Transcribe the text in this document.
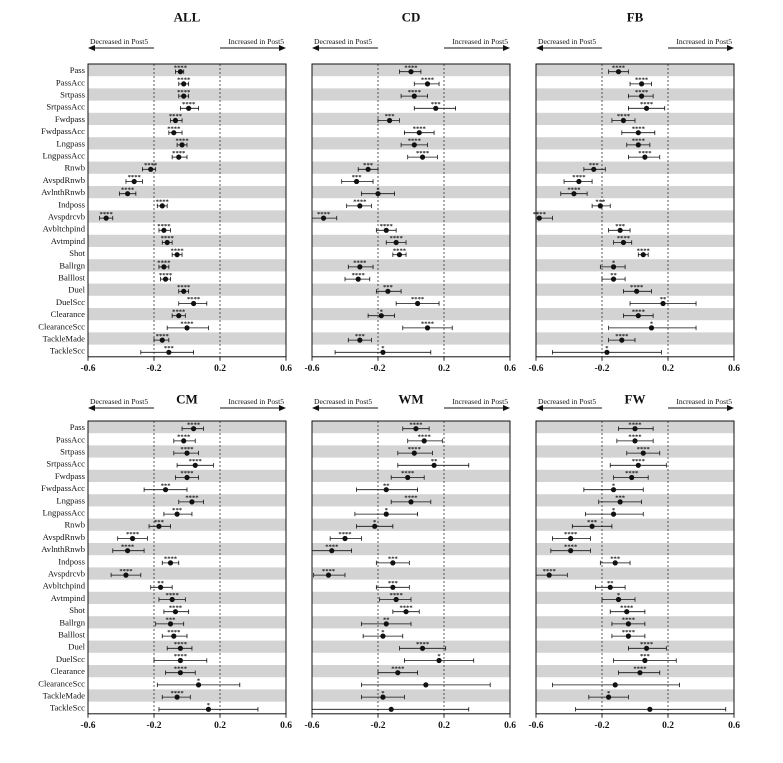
ALL
Decreased in Post5	Increased in Post5
Pass
PassAcc
Srtpass
SrtpassAcc
Fwdpass
FwdpassAcc
Lngpass
LngpassAcc
Rnwb
AvspdRnwb
AvlnthRnwb
Indposs
Avspdrcvb
Avbltchpind
Avtmpind
Shot
Ballrgn
Balllost
Duel
DuelScc
Clearance
ClearanceScc
TackleMade
TackleScc
-0.6	-0.2	0.2	0.6
****
****
****
****
****
****
****
****
****
****
****
****
****
****
****
****
****
****
****
****
****
****
****
***
CD
Decreased in Post5	Increased in Post5
-0.6	-0.2	0.2	0.6
****
****
****
***
***
****
****
****
***
***
*
****
****
****
****
****
****
****
***
****
*
****
***
*
FB
Decreased in Post5	Increased in Post5
-0.6	-0.2	0.2	0.6
****
****
****
****
****
****
****
****
***
****
****
***
****
***
****
****
*
**
****
**
****
*
****
*
CM
Decreased in Post5	Increased in Post5
Pass
PassAcc
Srtpass
SrtpassAcc
Fwdpass
FwdpassAcc
Lngpass
LngpassAcc
Rnwb
AvspdRnwb
AvlnthRnwb
Indposs
Avspdrcvb
Avbltchpind
Avtmpind
Shot
Ballrgn
Balllost
Duel
DuelScc
Clearance
ClearanceScc
TackleMade
TackleScc
-0.6	-0.2	0.2	0.6
****
****
****
****
****
***
****
***
***
****
****
****
****
**
****
****
***
****
****
****
****
*
****
*
WM
Decreased in Post5	Increased in Post5
-0.6	-0.2	0.2	0.6
****
****
****
**
****
**
****
*
*
****
****
***
****
***
****
****
**
*
****
*
****
*
FW
Decreased in Post5	Increased in Post5
-0.6	-0.2	0.2	0.6
****
****
****
****
****
*
***
*
***
****
****
***
****
**
*
****
****
****
****
***
****
*
